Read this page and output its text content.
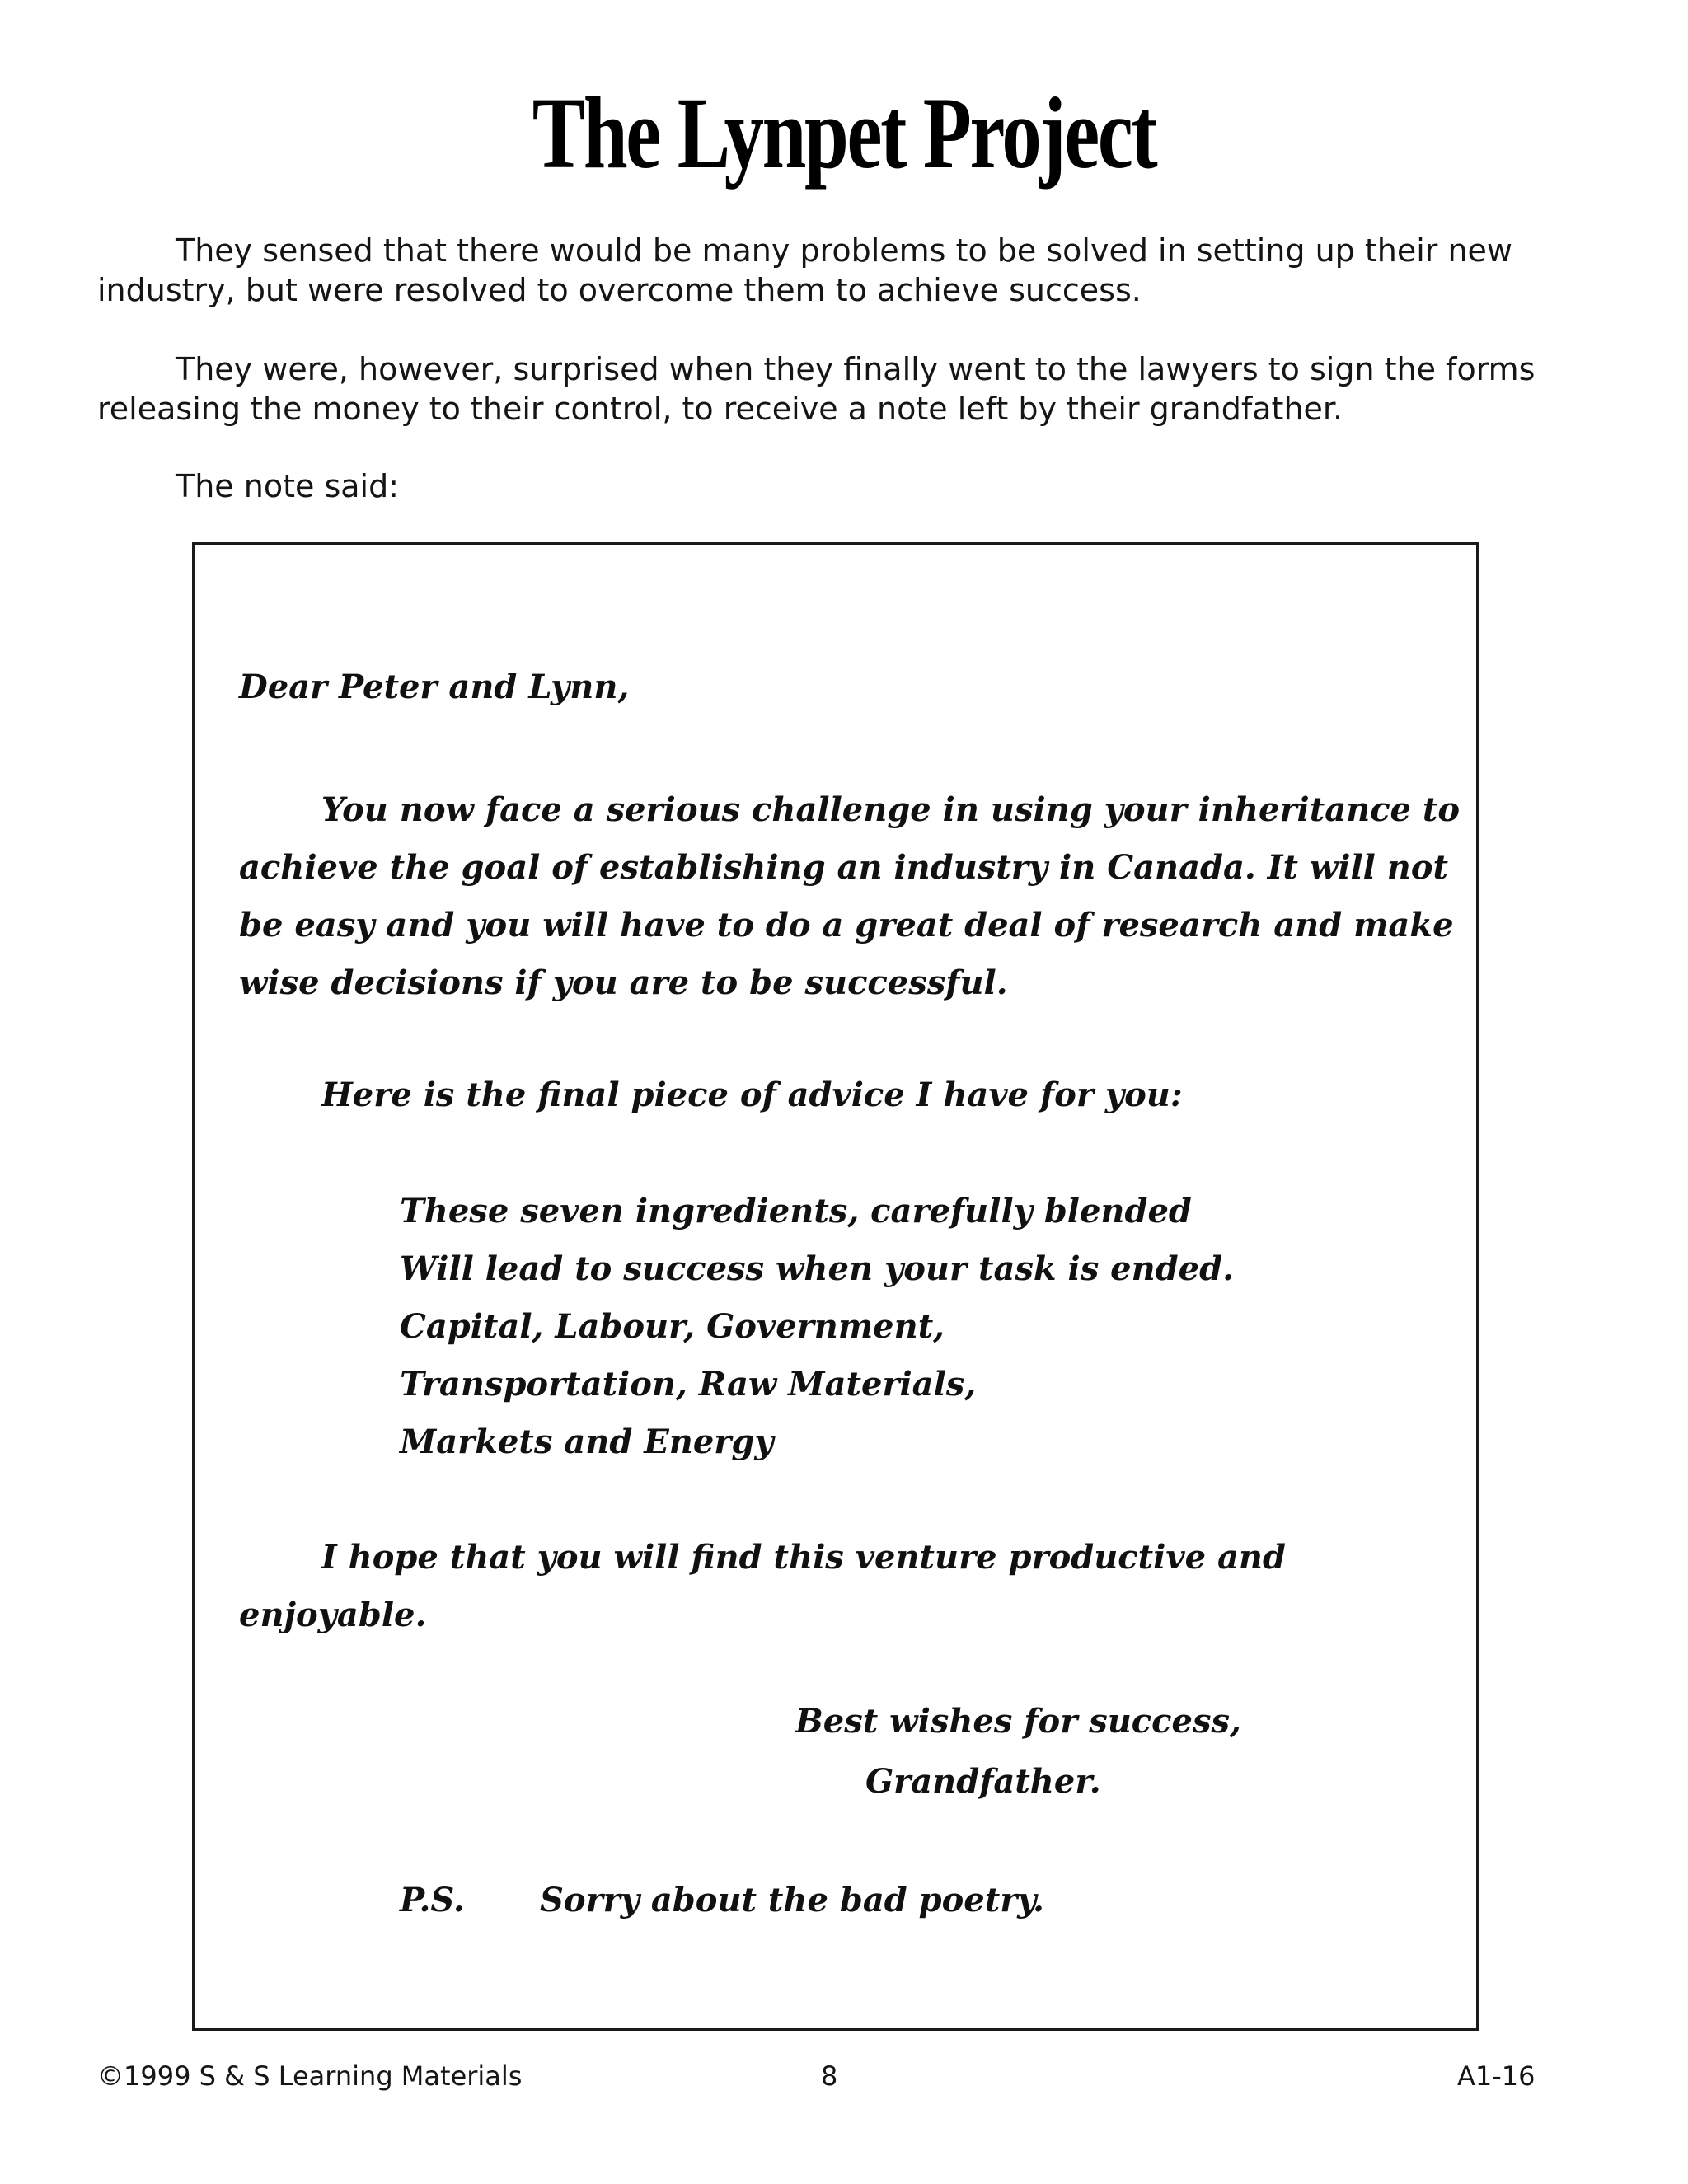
The Lynpet Project
They sensed that there would be many problems to be solved in setting up their new
industry, but were resolved to overcome them to achieve success.
They were, however, surprised when they finally went to the lawyers to sign the forms
releasing the money to their control, to receive a note left by their grandfather.
The note said:
Dear Peter and Lynn,
You now face a serious challenge in using your inheritance to
achieve the goal of establishing an industry in Canada. It will not
be easy and you will have to do a great deal of research and make
wise decisions if you are to be successful.
Here is the final piece of advice I have for you:
These seven ingredients, carefully blended
Will lead to success when your task is ended.
Capital, Labour, Government,
Transportation, Raw Materials,
Markets and Energy
I hope that you will find this venture productive and
enjoyable.
Best wishes for success,
Grandfather.
P.S. Sorry about the bad poetry.
©1999 S & S Learning Materials	8	A1-16
